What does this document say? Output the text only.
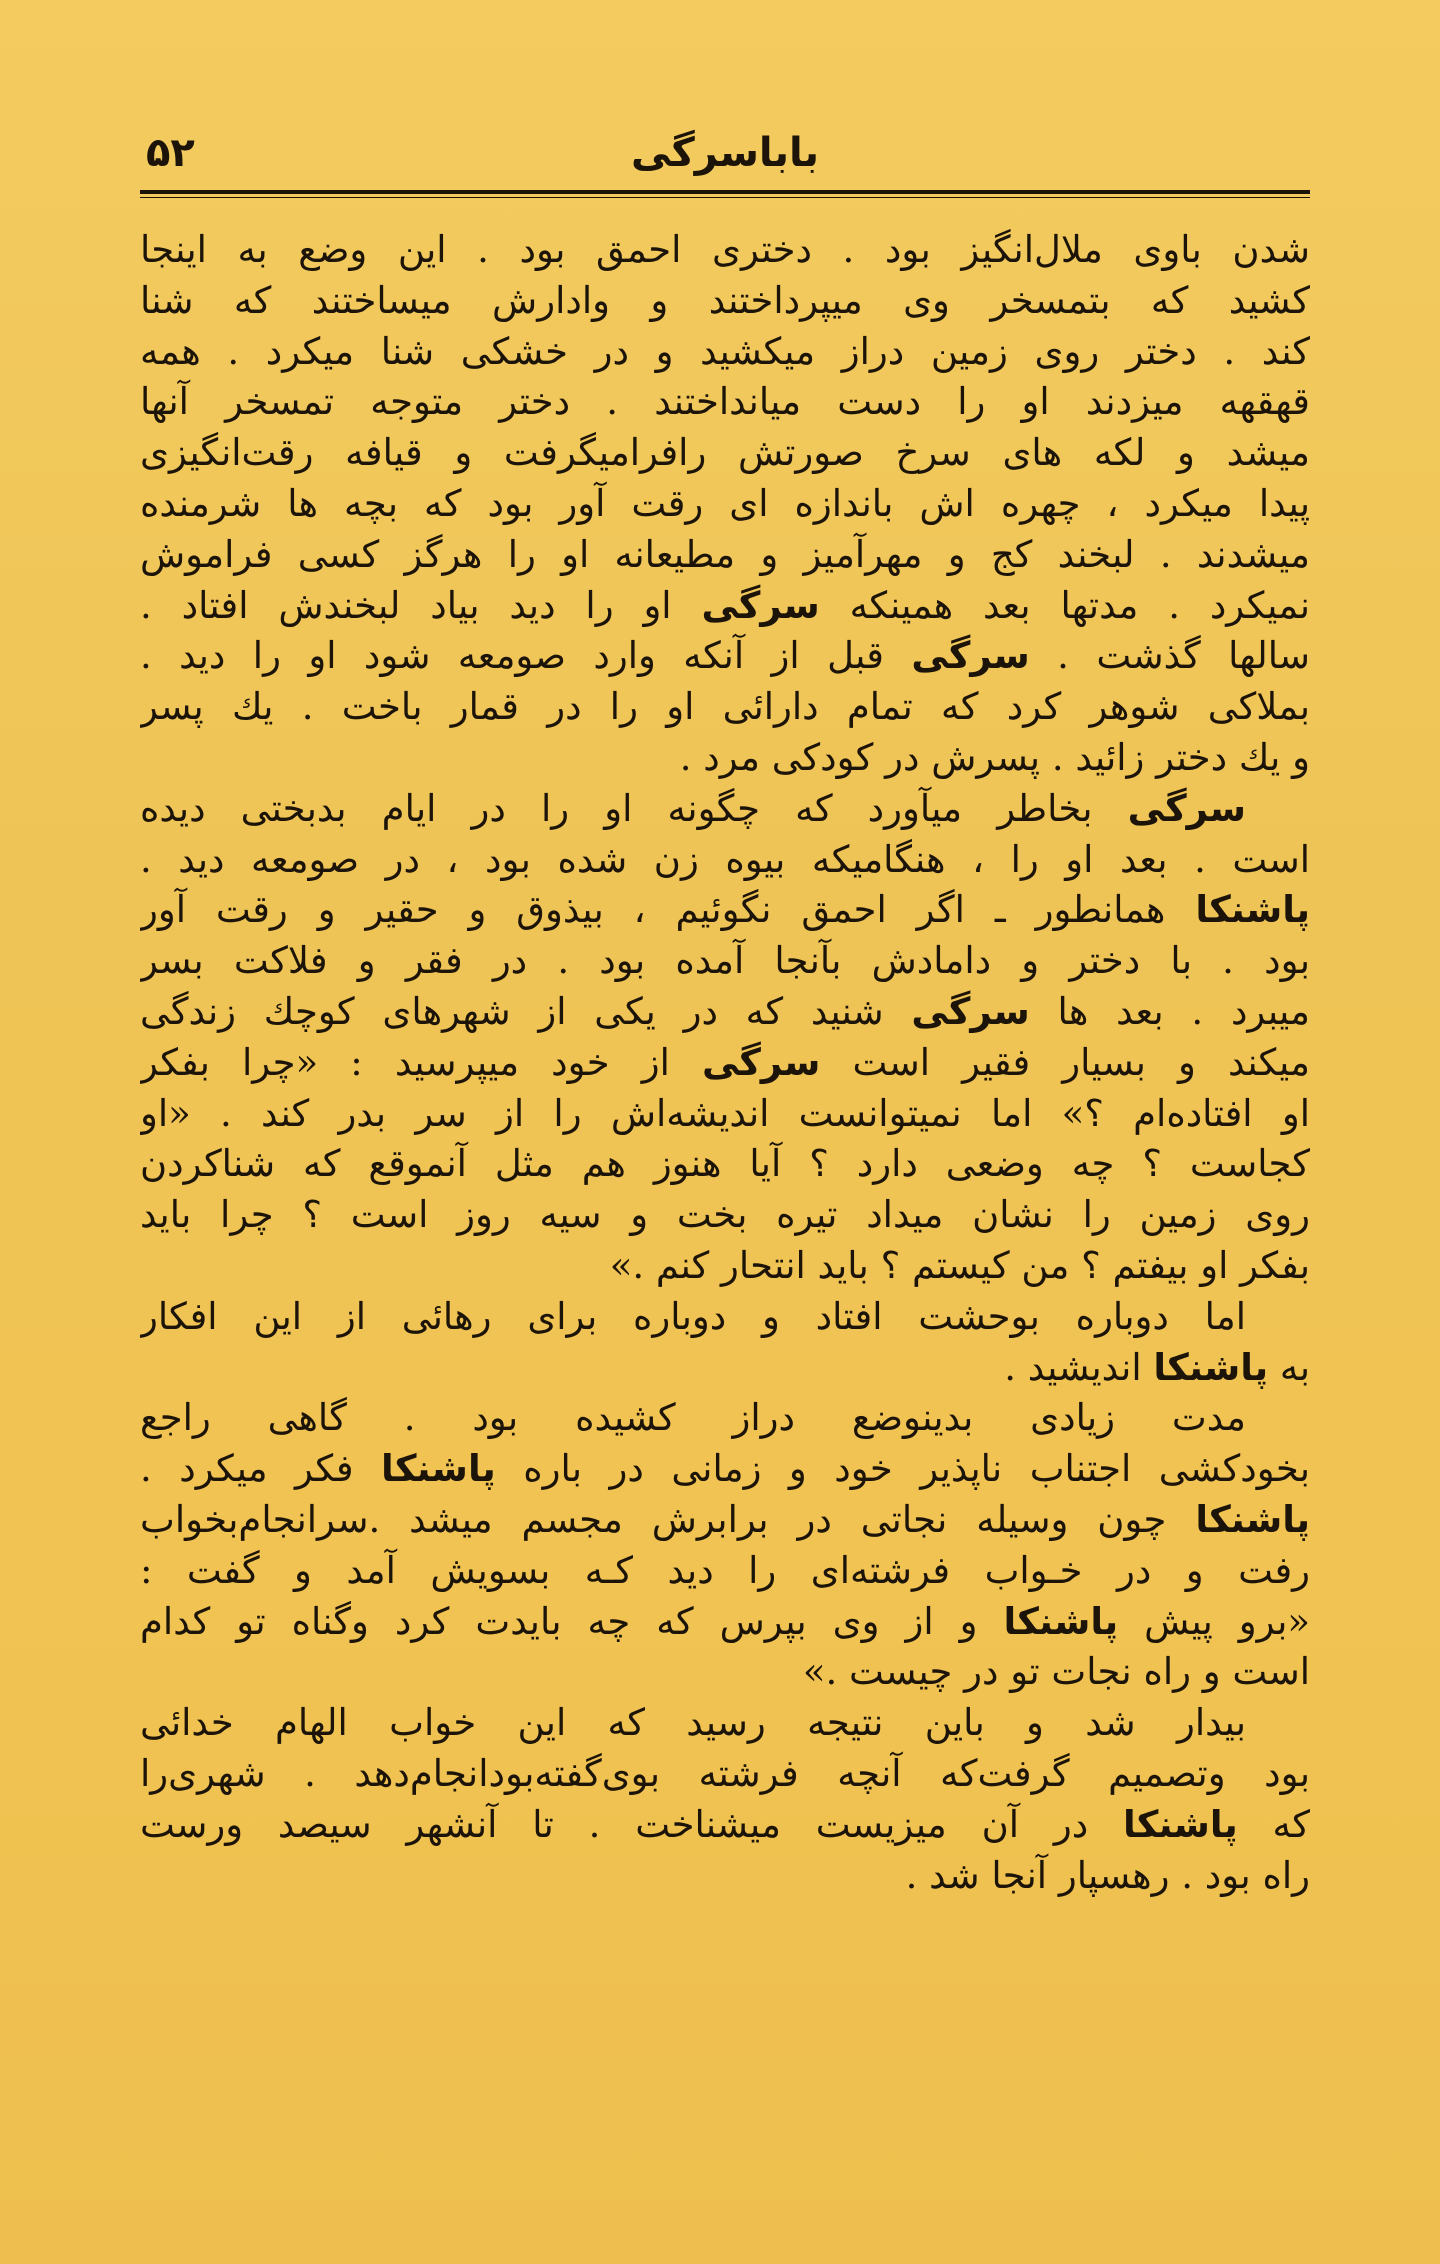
۵۲	باباسرگی
شدن باوی ملال‌انگیز بود . دختری احمق بود . این وضع به اینجا
کشید که بتمسخر وی میپرداختند و وادارش میساختند که شنا
کند . دختر روی زمین دراز میکشید و در خشکی شنا میکرد . همه
قهقهه میزدند او را دست میانداختند . دختر متوجه تمسخر آنها
میشد و لکه های سرخ صورتش رافرا‌میگرفت و قیافه رقت‌انگیزی
پیدا میکرد ، چهره اش باندازه ای رقت آور بود که بچه ها شرمنده
میشدند . لبخند کج و مهرآمیز و مطیعانه او را هرگز کسی فراموش
نمیکرد . مدتها بعد همینکه سرگی او را دید بیاد لبخندش افتاد .
سالها گذشت . سرگی قبل از آنکه وارد صومعه شود او را دید .
بملاکی شوهر کرد که تمام دارائی او را در قمار باخت . یك پسر
و یك دختر زائید . پسرش در کودکی مرد .
سرگی بخاطر میآورد که چگونه او را در ایام بدبختی دیده
است . بعد او را ، هنگامیکه بیوه زن شده بود ، در صومعه دید .
پاشنکا همانطور ـ اگر احمق نگوئیم ، بیذوق و حقیر و رقت آور
بود . با دختر و دامادش بآنجا آمده بود . در فقر و فلاکت بسر
میبرد . بعد ها سرگی شنید که در یکی از شهرهای کوچك زندگی
میکند و بسیار فقیر است سرگی از خود میپرسید : «چرا بفکر
او افتاده‌ام ؟» اما نمیتوانست اندیشه‌اش را از سر بدر کند . «او
کجاست ؟ چه وضعی دارد ؟ آیا هنوز هم مثل آنموقع که شناکردن
روی زمین را نشان میداد تیره بخت و سیه روز است ؟ چرا باید
بفکر او بیفتم ؟ من کیستم ؟ باید انتحار کنم .»
اما دوباره بوحشت افتاد و دوباره برای رهائی از این افکار
به پاشنکا اندیشید .
مدت زیادی بدینوضع دراز کشیده بود . گاهی راجع
بخودکشی اجتناب ناپذیر خود و زمانی در باره پاشنکا فکر میکرد .
پاشنکا چون وسیله نجاتی در برابرش مجسم میشد .سرانجام‌بخواب
رفت و در خـواب فرشته‌ای را دید کـه بسویش آمد و گفت :
«برو پیش پاشنکا و از وی بپرس که چه بایدت کرد وگناه تو کدام
است و راه نجات تو در چیست .»
بیدار شد و باین نتیجه رسید که این خواب الهام خدائی
بود وتصمیم گرفت‌که آنچه فرشته بوی‌گفته‌بودانجام‌دهد . شهری‌را
که پاشنکا در آن میزیست میشناخت . تا آنشهر سیصد ورست
راه بود . رهسپار آنجا شد .
